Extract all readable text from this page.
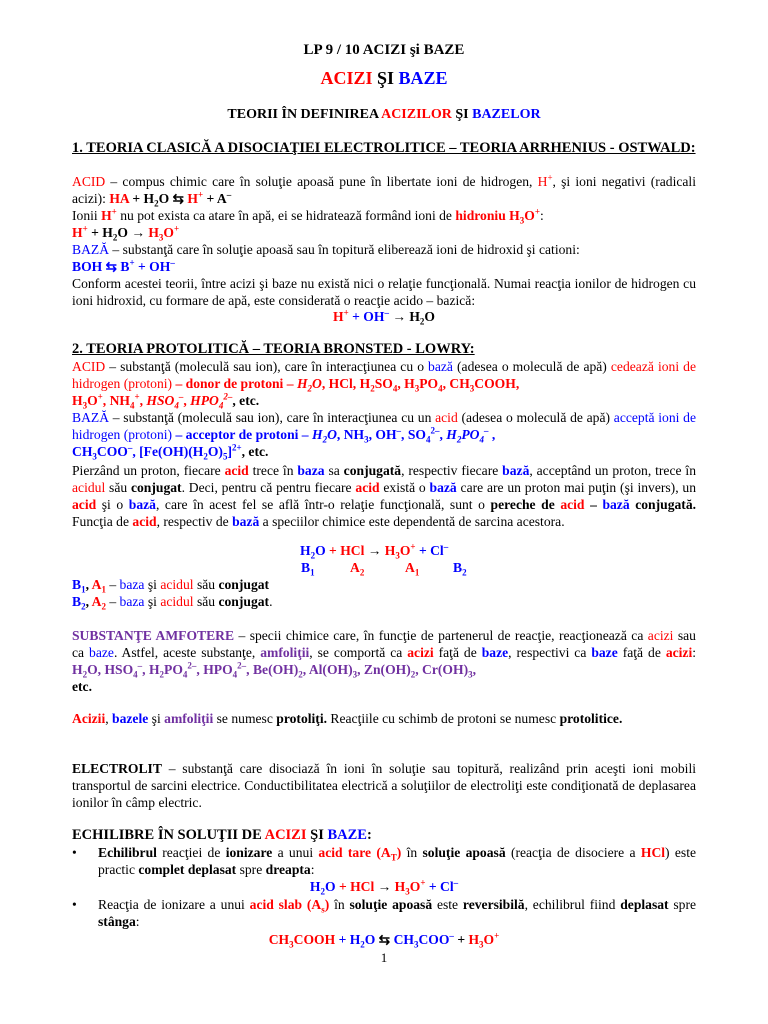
LP 9 / 10 ACIZI şi BAZE
ACIZI ŞI BAZE
TEORII ÎN DEFINIREA ACIZILOR ŞI BAZELOR
1. TEORIA CLASICĂ A DISOCIAŢIEI ELECTROLITICE – TEORIA ARRHENIUS - OSTWALD:
ACID – compus chimic care în soluţie apoasă pune în libertate ioni de hidrogen, H+, şi ioni negativi (radicali acizi): HA + $H_2O$ ⇆ H+ + A–
Ionii H+ nu pot exista ca atare în apă, ei se hidratează formând ioni de hidroniu $H_3O^+$:
$H^+ + H_2O \to H_3O^+$
BAZĂ – substanţă care în soluţie apoasă sau în topitură eliberează ioni de hidroxid şi cationi:
BOH ⇆ B+ + OH–
Conform acestei teorii, între acizi şi baze nu există nici o relaţie funcţională. Numai reacţia ionilor de hidrogen cu ioni hidroxid, cu formare de apă, este considerată o reacţie acido – bazică:
$H^+ + OH^- \to H_2O$
2. TEORIA PROTOLITICĂ – TEORIA BRONSTED - LOWRY:
ACID – substanţă (moleculă sau ion), care în interacţiunea cu o bază (adesea o moleculă de apă) cedează ioni de hidrogen (protoni) – donor de protoni – $H_2O$, HCl, $H_2SO_4$, $H_3PO_4$, $CH_3COOH$,
$H_3O^+$, $NH_4^+$, $HSO_4^-$, $HPO_4^{2-}$, etc.
BAZĂ – substanţă (moleculă sau ion), care în interacţiunea cu un acid (adesea o moleculă de apă) acceptă ioni de hidrogen (protoni) – acceptor de protoni – $H_2O$, $NH_3$, OH–, $SO_4^{2-}$, $H_2PO_4^-$ ,
$CH_3COO^-$, $[Fe(OH)(H_2O)_5]^{2+}$, etc.
Pierzând un proton, fiecare acid trece în baza sa conjugată, respectiv fiecare bază, acceptând un proton, trece în acidul său conjugat. Deci, pentru că pentru fiecare acid există o bază care are un proton mai puţin (şi invers), un acid şi o bază, care în acest fel se află într-o relaţie funcţională, sunt o pereche de acid – bază conjugată. Funcţia de acid, respectiv de bază a speciilor chimice este dependentă de sarcina acestora.
$H_2O$ + HCl → $H_3O^+ + Cl^-$
$B_1$	$A_2$	$A_1$ $B_2$
$B_1$, $A_1$ – baza şi acidul său conjugat
$B_2$, $A_2$ – baza şi acidul său conjugat.
SUBSTANŢE AMFOTERE – specii chimice care, în funcţie de partenerul de reacţie, reacţionează ca acizi sau ca baze. Astfel, aceste substanţe, amfoliţii, se comportă ca acizi faţă de baze, respectivi ca baze faţă de acizi: $H_2O$, $HSO_4^-$, $H_2PO_4^{2-}$, $HPO_4^{2-}$, $Be(OH)_2$, $Al(OH)_3$, $Zn(OH)_2$, $Cr(OH)_3$,
etc.
Acizii, bazele şi amfoliţii se numesc protoliţi. Reacţiile cu schimb de protoni se numesc protolitice.
ELECTROLIT – substanţă care disociază în ioni în soluţie sau topitură, realizând prin aceşti ioni mobili transportul de sarcini electrice. Conductibilitatea electrică a soluţiilor de electroliţi este condiţionată de deplasarea ionilor în câmp electric.
ECHILIBRE ÎN SOLUŢII DE ACIZI ŞI BAZE:
• Echilibrul reacţiei de ionizare a unui acid tare $(A_T)$ în soluţie apoasă (reacţia de disociere a HCl) este practic complet deplasat spre dreapta:
$H_2O$ + HCl → $H_3O^+ + Cl^-$
• Reacţia de ionizare a unui acid slab $(A_s)$ în soluţie apoasă este reversibilă, echilibrul fiind deplasat spre stânga:
$CH_3COOH + H_2O$ ⇆ $CH_3COO^- + H_3O^+$
1
